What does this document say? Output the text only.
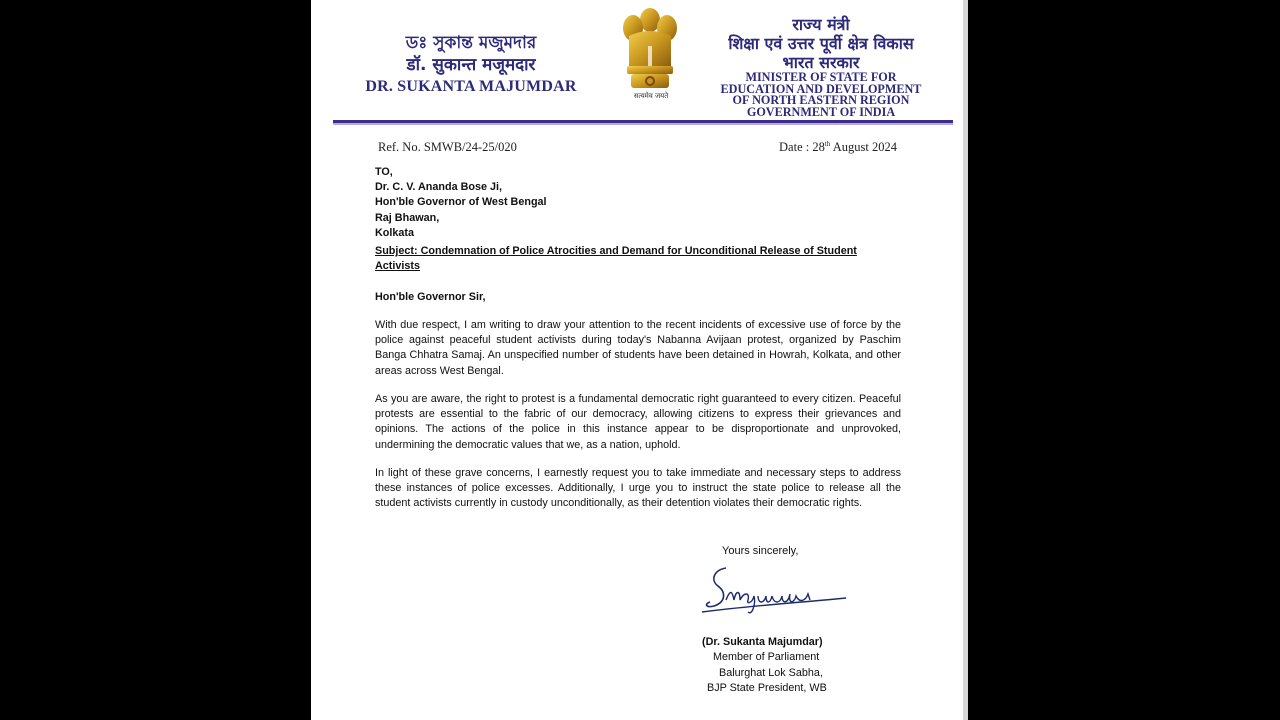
ডঃ সুকান্ত মজুমদার
डॉ. सुकान्त मजूमदार
DR. SUKANTA MAJUMDAR
सत्यमेव जयते
राज्य मंत्री
शिक्षा एवं उत्तर पूर्वी क्षेत्र विकास
भारत सरकार
MINISTER OF STATE FOR
EDUCATION AND DEVELOPMENT
OF NORTH EASTERN REGION
GOVERNMENT OF INDIA
Ref. No. SMWB/24-25/020	Date : 28th August 2024
TO,
Dr. C. V. Ananda Bose Ji,
Hon'ble Governor of West Bengal
Raj Bhawan,
Kolkata
Subject: Condemnation of Police Atrocities and Demand for Unconditional Release of Student Activists
Hon'ble Governor Sir,
With due respect, I am writing to draw your attention to the recent incidents of excessive use of force by the police against peaceful student activists during today's Nabanna Avijaan protest, organized by Paschim Banga Chhatra Samaj. An unspecified number of students have been detained in Howrah, Kolkata, and other areas across West Bengal.
As you are aware, the right to protest is a fundamental democratic right guaranteed to every citizen. Peaceful protests are essential to the fabric of our democracy, allowing citizens to express their grievances and opinions. The actions of the police in this instance appear to be disproportionate and unprovoked, undermining the democratic values that we, as a nation, uphold.
In light of these grave concerns, I earnestly request you to take immediate and necessary steps to address these instances of police excesses. Additionally, I urge you to instruct the state police to release all the student activists currently in custody unconditionally, as their detention violates their democratic rights.
Yours sincerely,
(Dr. Sukanta Majumdar)
Member of Parliament
Balurghat Lok Sabha,
BJP State President, WB
